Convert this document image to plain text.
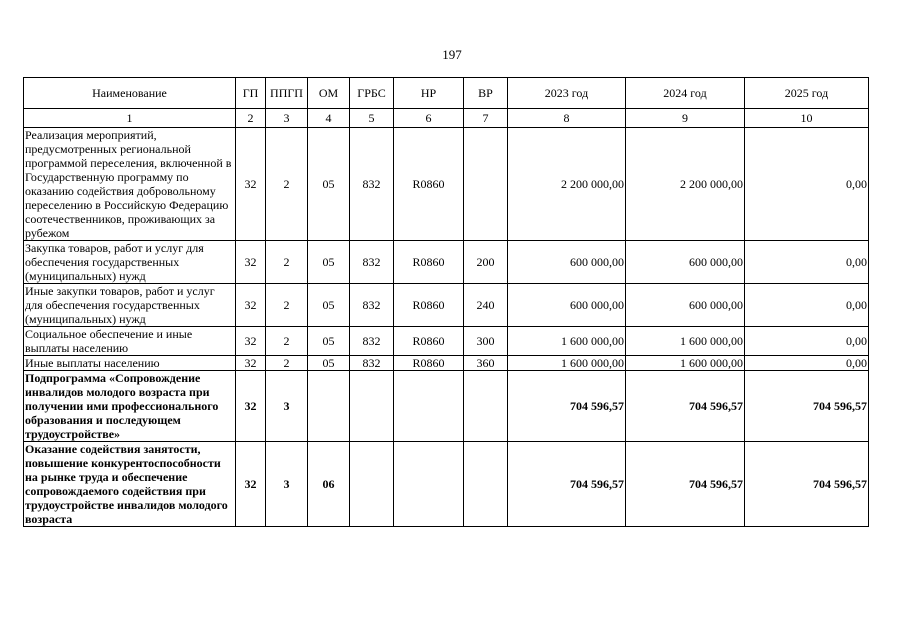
197
Наименование	ГП	ППГП	ОМ	ГРБС	НР	ВР	2023 год	2024 год	2025 год
1	2	3	4	5	6	7	8	9	10
Реализация мероприятий, предусмотренных региональной программой переселения, включенной в Государственную программу по оказанию содействия добровольному переселению в Российскую Федерацию соотечественников, проживающих за рубежом	32	2	05	832	R0860		2 200 000,00	2 200 000,00	0,00
Закупка товаров, работ и услуг для обеспечения государственных (муниципальных) нужд	32	2	05	832	R0860	200	600 000,00	600 000,00	0,00
Иные закупки товаров, работ и услуг для обеспечения государственных (муниципальных) нужд	32	2	05	832	R0860	240	600 000,00	600 000,00	0,00
Социальное обеспечение и иные выплаты населению	32	2	05	832	R0860	300	1 600 000,00	1 600 000,00	0,00
Иные выплаты населению	32	2	05	832	R0860	360	1 600 000,00	1 600 000,00	0,00
Подпрограмма «Сопровождение инвалидов молодого возраста при получении ими профессионального образования и последующем трудоустройстве»	32	3					704 596,57	704 596,57	704 596,57
Оказание содействия занятости, повышение конкурентоспособности на рынке труда и обеспечение сопровождаемого содействия при трудоустройстве инвалидов молодого возраста	32	3	06				704 596,57	704 596,57	704 596,57
